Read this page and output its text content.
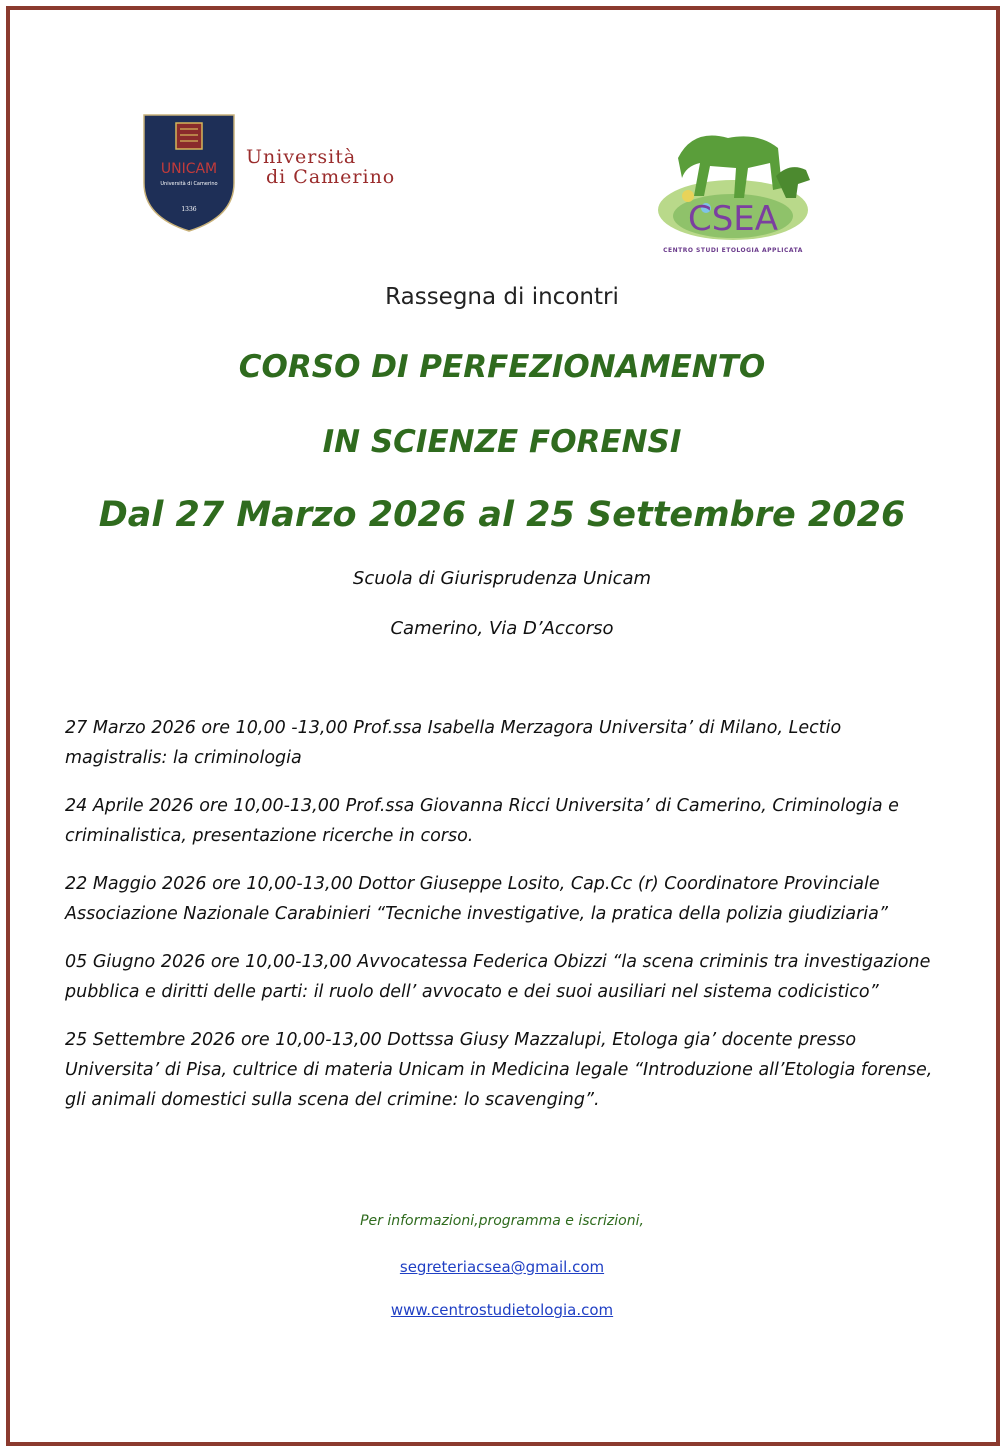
UNICAM
Università di Camerino
1336
Università
di Camerino
CSEA
CENTRO STUDI ETOLOGIA APPLICATA
Rassegna di incontri
CORSO DI PERFEZIONAMENTO
IN SCIENZE FORENSI
Dal 27 Marzo 2026 al 25 Settembre 2026
Scuola di Giurisprudenza Unicam
Camerino, Via D’Accorso

27 Marzo 2026 ore 10,00 -13,00 Prof.ssa Isabella Merzagora Universita’ di Milano, Lectio magistralis: la criminologia

24 Aprile 2026 ore 10,00-13,00 Prof.ssa Giovanna Ricci Universita’ di Camerino, Criminologia e criminalistica, presentazione ricerche in corso.

22 Maggio 2026 ore 10,00-13,00 Dottor Giuseppe Losito, Cap.Cc (r) Coordinatore Provinciale Associazione Nazionale Carabinieri “Tecniche investigative, la pratica della polizia giudiziaria”

05 Giugno 2026 ore 10,00-13,00 Avvocatessa Federica Obizzi “la scena criminis tra investigazione pubblica e diritti delle parti: il ruolo dell’ avvocato e dei suoi ausiliari nel sistema codicistico”

25 Settembre 2026 ore 10,00-13,00 Dottssa Giusy Mazzalupi, Etologa gia’ docente presso Universita’ di Pisa, cultrice di materia Unicam in Medicina legale “Introduzione all’Etologia forense, gli animali domestici sulla scena del crimine: lo scavenging”.

Per informazioni,programma e iscrizioni,
segreteriacsea@gmail.com
www.centrostudietologia.com
